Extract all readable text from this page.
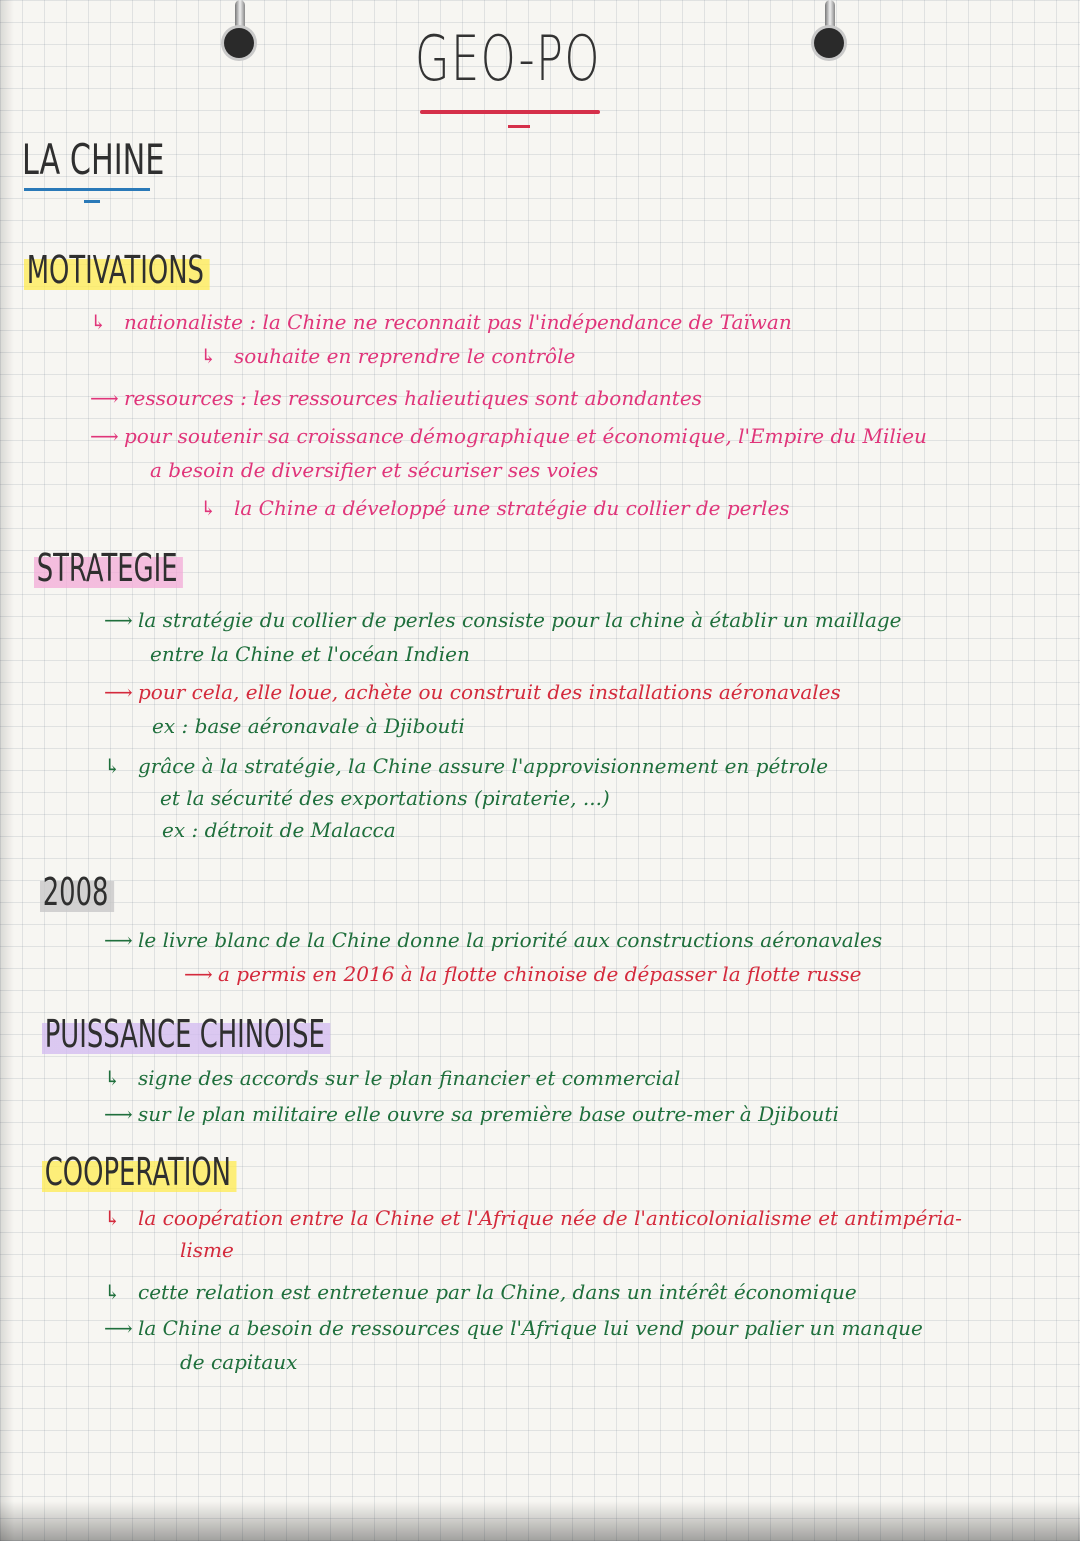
GEO-PO
LA CHINE
MOTIVATIONS
↳ nationaliste : la Chine ne reconnait pas l'indépendance de Taïwan
↳ souhaite en reprendre le contrôle
⟶ ressources : les ressources halieutiques sont abondantes
⟶ pour soutenir sa croissance démographique et économique, l'Empire du Milieu
a besoin de diversifier et sécuriser ses voies
↳ la Chine a développé une stratégie du collier de perles
STRATEGIE
⟶ la stratégie du collier de perles consiste pour la chine à établir un maillage
entre la Chine et l'océan Indien
⟶ pour cela, elle loue, achète ou construit des installations aéronavales
ex : base aéronavale à Djibouti
↳ grâce à la stratégie, la Chine assure l'approvisionnement en pétrole
et la sécurité des exportations (piraterie, ...)
ex : détroit de Malacca
2008
⟶ le livre blanc de la Chine donne la priorité aux constructions aéronavales
⟶ a permis en 2016 à la flotte chinoise de dépasser la flotte russe
PUISSANCE CHINOISE
↳ signe des accords sur le plan financier et commercial
⟶ sur le plan militaire elle ouvre sa première base outre-mer à Djibouti
COOPERATION
↳ la coopération entre la Chine et l'Afrique née de l'anticolonialisme et antimpéria-
lisme
↳ cette relation est entretenue par la Chine, dans un intérêt économique
⟶ la Chine a besoin de ressources que l'Afrique lui vend pour palier un manque
de capitaux
